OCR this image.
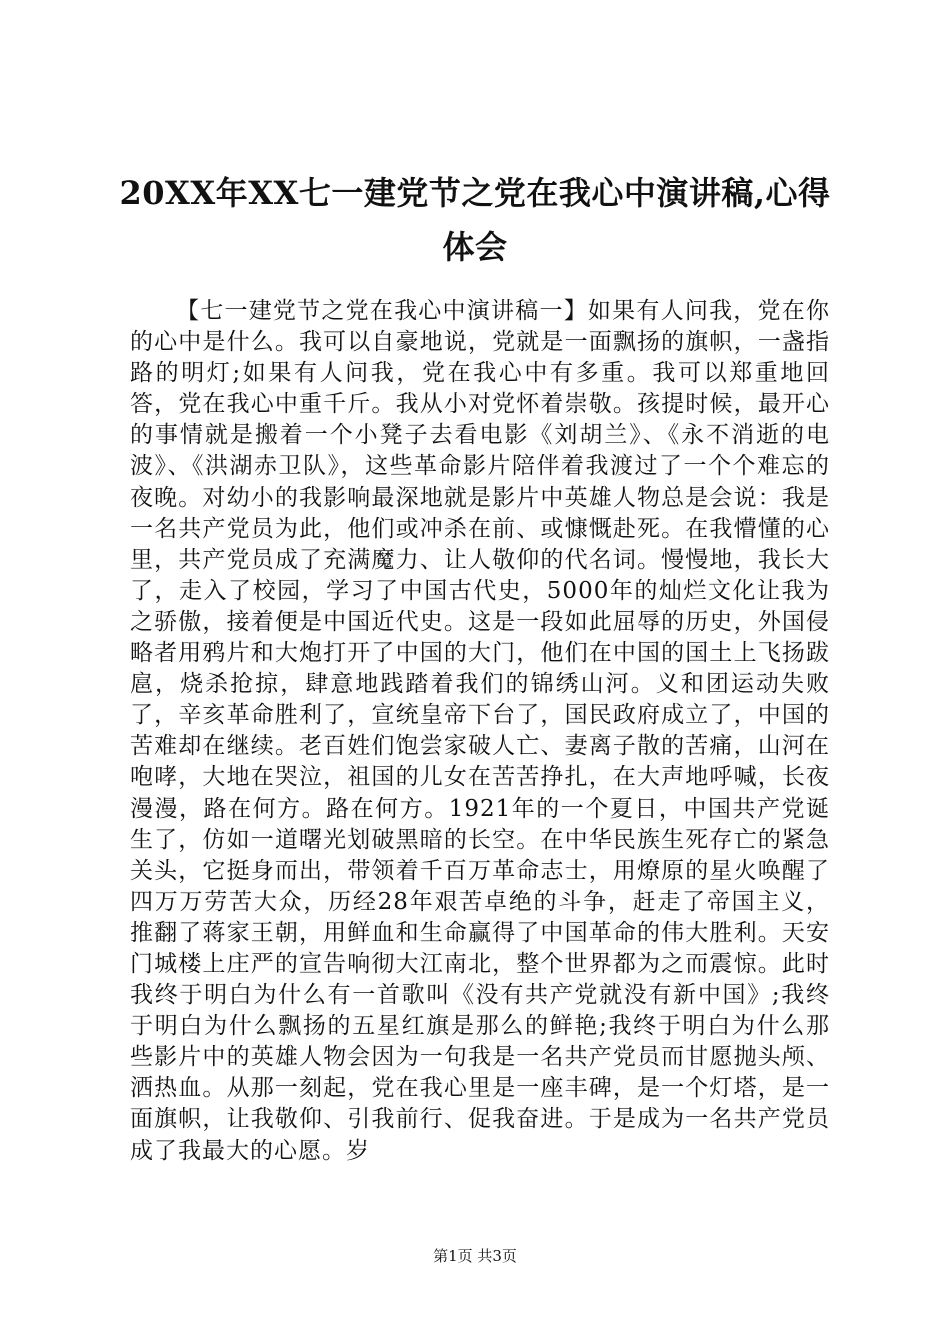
20XX年XX七一建党节之党在我心中演讲稿,心得体会

【七一建党节之党在我心中演讲稿一】如果有人问我，党在你的心中是什么。我可以自豪地说，党就是一面飘扬的旗帜，一盏指路的明灯;如果有人问我，党在我心中有多重。我可以郑重地回答，党在我心中重千斤。我从小对党怀着崇敬。孩提时候，最开心的事情就是搬着一个小凳子去看电影《刘胡兰》、《永不消逝的电波》、《洪湖赤卫队》，这些革命影片陪伴着我渡过了一个个难忘的夜晚。对幼小的我影响最深地就是影片中英雄人物总是会说：我是一名共产党员为此，他们或冲杀在前、或慷慨赴死。在我懵懂的心里，共产党员成了充满魔力、让人敬仰的代名词。慢慢地，我长大了，走入了校园，学习了中国古代史，5000年的灿烂文化让我为之骄傲，接着便是中国近代史。这是一段如此屈辱的历史，外国侵略者用鸦片和大炮打开了中国的大门，他们在中国的国土上飞扬跋扈，烧杀抢掠，肆意地践踏着我们的锦绣山河。义和团运动失败了，辛亥革命胜利了，宣统皇帝下台了，国民政府成立了，中国的苦难却在继续。老百姓们饱尝家破人亡、妻离子散的苦痛，山河在咆哮，大地在哭泣，祖国的儿女在苦苦挣扎，在大声地呼喊，长夜漫漫，路在何方。路在何方。1921年的一个夏日，中国共产党诞生了，仿如一道曙光划破黑暗的长空。在中华民族生死存亡的紧急关头，它挺身而出，带领着千百万革命志士，用燎原的星火唤醒了四万万劳苦大众，历经28年艰苦卓绝的斗争，赶走了帝国主义，推翻了蒋家王朝，用鲜血和生命赢得了中国革命的伟大胜利。天安门城楼上庄严的宣告响彻大江南北，整个世界都为之而震惊。此时我终于明白为什么有一首歌叫《没有共产党就没有新中国》;我终于明白为什么飘扬的五星红旗是那么的鲜艳;我终于明白为什么那些影片中的英雄人物会因为一句我是一名共产党员而甘愿抛头颅、洒热血。从那一刻起，党在我心里是一座丰碑，是一个灯塔，是一面旗帜，让我敬仰、引我前行、促我奋进。于是成为一名共产党员成了我最大的心愿。岁

第1页 共3页
